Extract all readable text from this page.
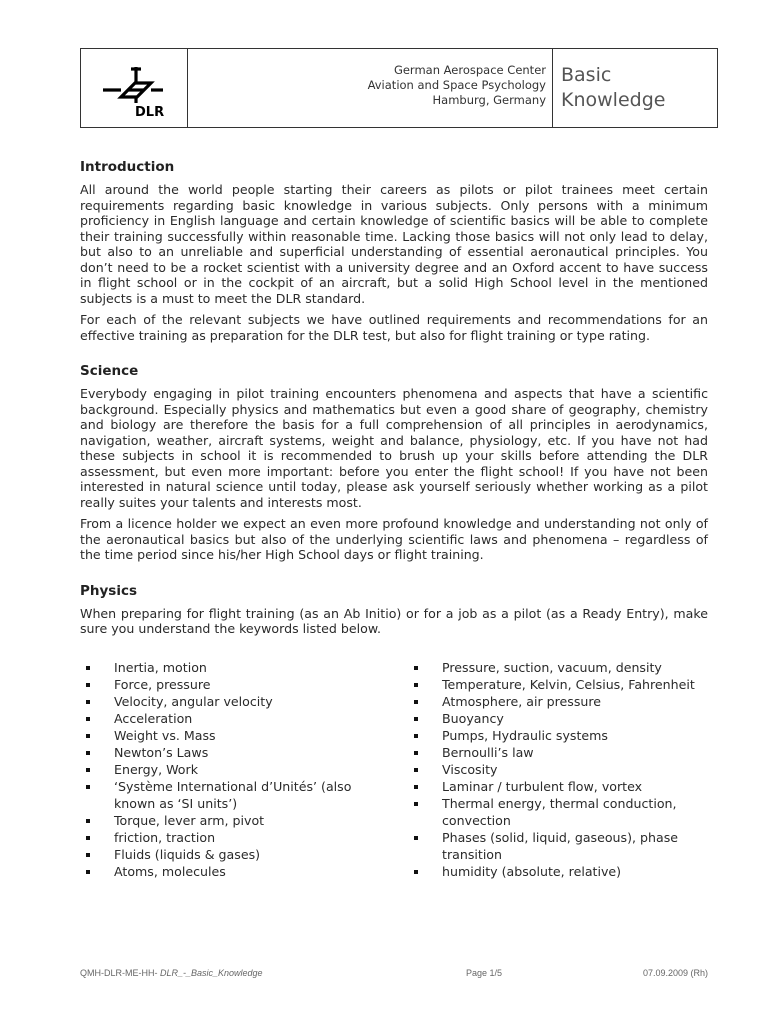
DLR
German Aerospace Center
Aviation and Space Psychology
Hamburg, Germany
Basic
Knowledge
Introduction

All around the world people starting their careers as pilots or pilot trainees meet certain requirements regarding basic knowledge in various subjects. Only persons with a minimum proficiency in English language and certain knowledge of scientific basics will be able to complete their training successfully within reasonable time. Lacking those basics will not only lead to delay, but also to an unreliable and superficial understanding of essential aeronautical principles. You don’t need to be a rocket scientist with a university degree and an Oxford accent to have success in flight school or in the cockpit of an aircraft, but a solid High School level in the mentioned subjects is a must to meet the DLR standard.

For each of the relevant subjects we have outlined requirements and recommendations for an effective training as preparation for the DLR test, but also for flight training or type rating.

Science

Everybody engaging in pilot training encounters phenomena and aspects that have a scientific background. Especially physics and mathematics but even a good share of geography, chemistry and biology are therefore the basis for a full comprehension of all principles in aerodynamics, navigation, weather, aircraft systems, weight and balance, physiology, etc. If you have not had these subjects in school it is recommended to brush up your skills before attending the DLR assessment, but even more important: before you enter the flight school! If you have not been interested in natural science until today, please ask yourself seriously whether working as a pilot really suites your talents and interests most.

From a licence holder we expect an even more profound knowledge and understanding not only of the aeronautical basics but also of the underlying scientific laws and phenomena – regardless of the time period since his/her High School days or flight training.

Physics

When preparing for flight training (as an Ab Initio) or for a job as a pilot (as a Ready Entry), make sure you understand the keywords listed below.

Inertia, motion
Force, pressure
Velocity, angular velocity
Acceleration
Weight vs. Mass
Newton’s Laws
Energy, Work
‘Système International d’Unités’ (also
known as ‘SI units’)
Torque, lever arm, pivot
friction, traction
Fluids (liquids & gases)
Atoms, molecules
Pressure, suction, vacuum, density
Temperature, Kelvin, Celsius, Fahrenheit
Atmosphere, air pressure
Buoyancy
Pumps, Hydraulic systems
Bernoulli’s law
Viscosity
Laminar / turbulent flow, vortex
Thermal energy, thermal conduction,
convection
Phases (solid, liquid, gaseous), phase
transition
humidity (absolute, relative)
QMH-DLR-ME-HH- DLR_-_Basic_Knowledge	Page 1/5	07.09.2009 (Rh)
